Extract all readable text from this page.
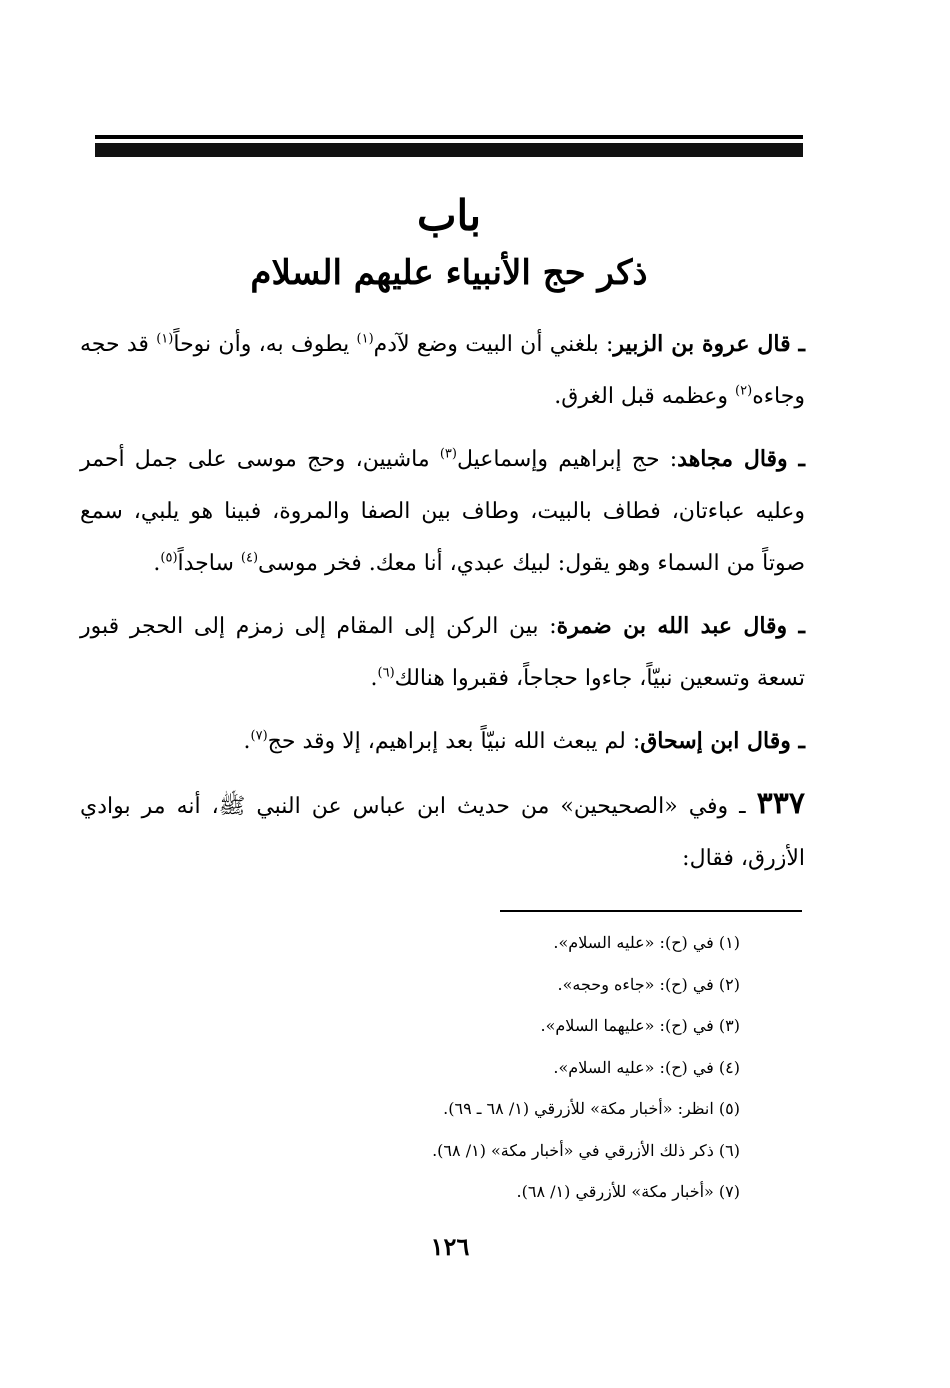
باب
ذكر حج الأنبياء عليهم السلام

ـ قال عروة بن الزبير: بلغني أن البيت وضع لآدم$^{(١)}$ يطوف به، وأن نوحاً$^{(١)}$ قد حجه وجاءه$^{(٢)}$ وعظمه قبل الغرق.

ـ وقال مجاهد: حج إبراهيم وإسماعيل$^{(٣)}$ ماشيين، وحج موسى على جمل أحمر وعليه عباءتان، فطاف بالبيت، وطاف بين الصفا والمروة، فبينا هو يلبي، سمع صوتاً من السماء وهو يقول: لبيك عبدي، أنا معك. فخر موسى$^{(٤)}$ ساجداً$^{(٥)}$.

ـ وقال عبد الله بن ضمرة: بين الركن إلى المقام إلى زمزم إلى الحجر قبور تسعة وتسعين نبيّاً، جاءوا حجاجاً، فقبروا هنالك$^{(٦)}$.

ـ وقال ابن إسحاق: لم يبعث الله نبيّاً بعد إبراهيم، إلا وقد حج$^{(٧)}$.

٣٣٧ ـ وفي «الصحيحين» من حديث ابن عباس عن النبي ﷺ، أنه مر بوادي الأزرق، فقال:

(١) في (ح): «عليه السلام».
(٢) في (ح): «جاءه وحجه».
(٣) في (ح): «عليهما السلام».
(٤) في (ح): «عليه السلام».
(٥) انظر: «أخبار مكة» للأزرقي (١/ ٦٨ ـ ٦٩).
(٦) ذكر ذلك الأزرقي في «أخبار مكة» (١/ ٦٨).
(٧) «أخبار مكة» للأزرقي (١/ ٦٨).
١٢٦
